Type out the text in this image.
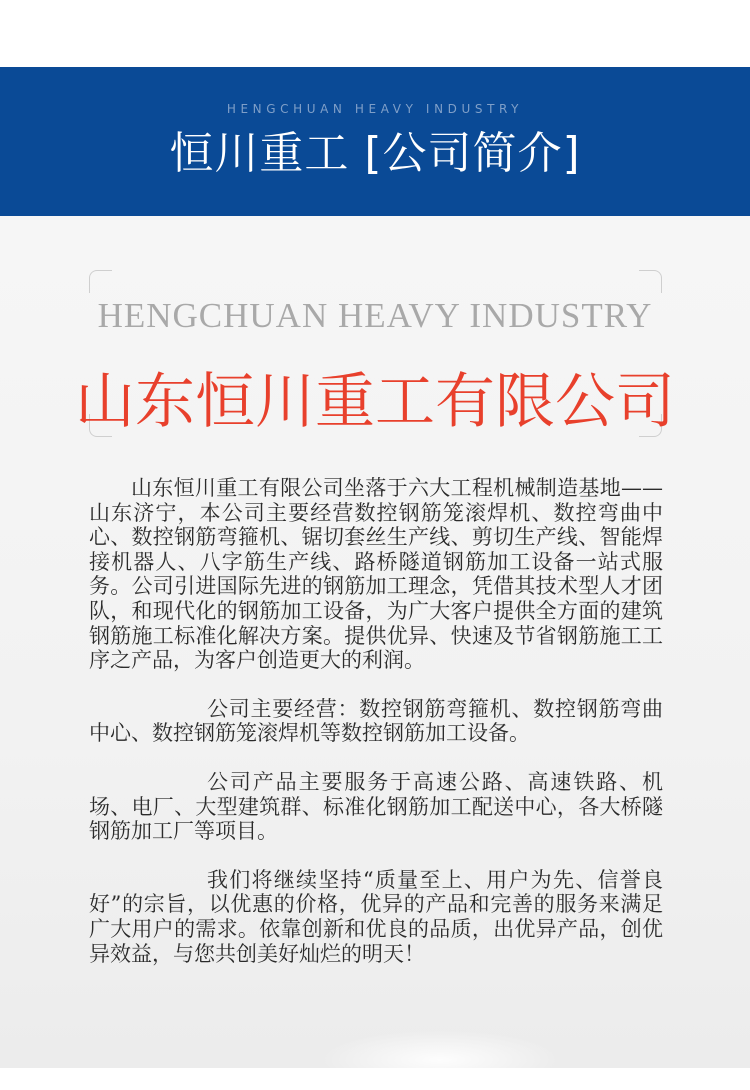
HENGCHUAN HEAVY INDUSTRY
恒川重工 [公司简介]
HENGCHUAN HEAVY INDUSTRY
山东恒川重工有限公司

山东恒川重工有限公司坐落于六大工程机械制造基地——山东济宁，本公司主要经营数控钢筋笼滚焊机、数控弯曲中心、数控钢筋弯箍机、锯切套丝生产线、剪切生产线、智能焊接机器人、八字筋生产线、路桥隧道钢筋加工设备一站式服务。公司引进国际先进的钢筋加工理念，凭借其技术型人才团队，和现代化的钢筋加工设备，为广大客户提供全方面的建筑钢筋施工标准化解决方案。提供优异、快速及节省钢筋施工工序之产品，为客户创造更大的利润。

公司主要经营：数控钢筋弯箍机、数控钢筋弯曲中心、数控钢筋笼滚焊机等数控钢筋加工设备。

公司产品主要服务于高速公路、高速铁路、机场、电厂、大型建筑群、标准化钢筋加工配送中心，各大桥隧钢筋加工厂等项目。

我们将继续坚持“质量至上、用户为先、信誉良好”的宗旨，以优惠的价格，优异的产品和完善的服务来满足广大用户的需求。依靠创新和优良的品质，出优异产品，创优异效益，与您共创美好灿烂的明天！
